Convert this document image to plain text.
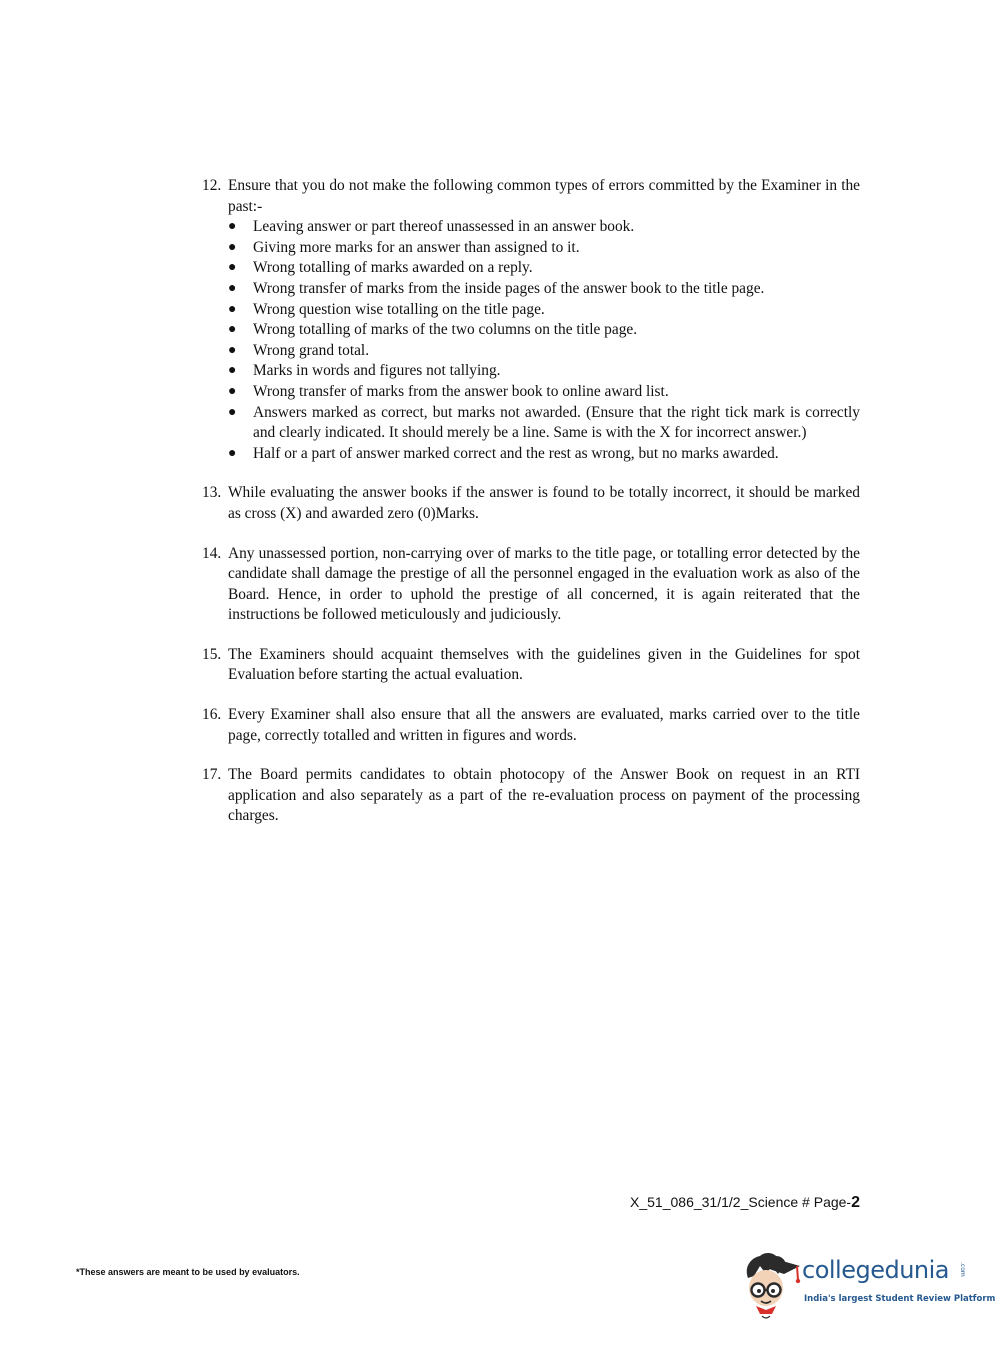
12. Ensure that you do not make the following common types of errors committed by the Examiner in the past:-
●	Leaving answer or part thereof unassessed in an answer book.
●	Giving more marks for an answer than assigned to it.
●	Wrong totalling of marks awarded on a reply.
●	Wrong transfer of marks from the inside pages of the answer book to the title page.
●	Wrong question wise totalling on the title page.
●	Wrong totalling of marks of the two columns on the title page.
●	Wrong grand total.
●	Marks in words and figures not tallying.
●	Wrong transfer of marks from the answer book to online award list.
●	Answers marked as correct, but marks not awarded. (Ensure that the right tick mark is correctly and clearly indicated. It should merely be a line. Same is with the X for incorrect answer.)
●	Half or a part of answer marked correct and the rest as wrong, but no marks awarded.
13. While evaluating the answer books if the answer is found to be totally incorrect, it should be marked as cross (X) and awarded zero (0)Marks.
14. Any unassessed portion, non-carrying over of marks to the title page, or totalling error detected by the candidate shall damage the prestige of all the personnel engaged in the evaluation work as also of the Board. Hence, in order to uphold the prestige of all concerned, it is again reiterated that the instructions be followed meticulously and judiciously.
15. The Examiners should acquaint themselves with the guidelines given in the Guidelines for spot Evaluation before starting the actual evaluation.
16. Every Examiner shall also ensure that all the answers are evaluated, marks carried over to the title page, correctly totalled and written in figures and words.
17. The Board permits candidates to obtain photocopy of the Answer Book on request in an RTI application and also separately as a part of the re-evaluation process on payment of the processing charges.
X_51_086_31/1/2_Science # Page-2
*These answers are meant to be used by evaluators.	collegedunia .com
India's largest Student Review Platform
